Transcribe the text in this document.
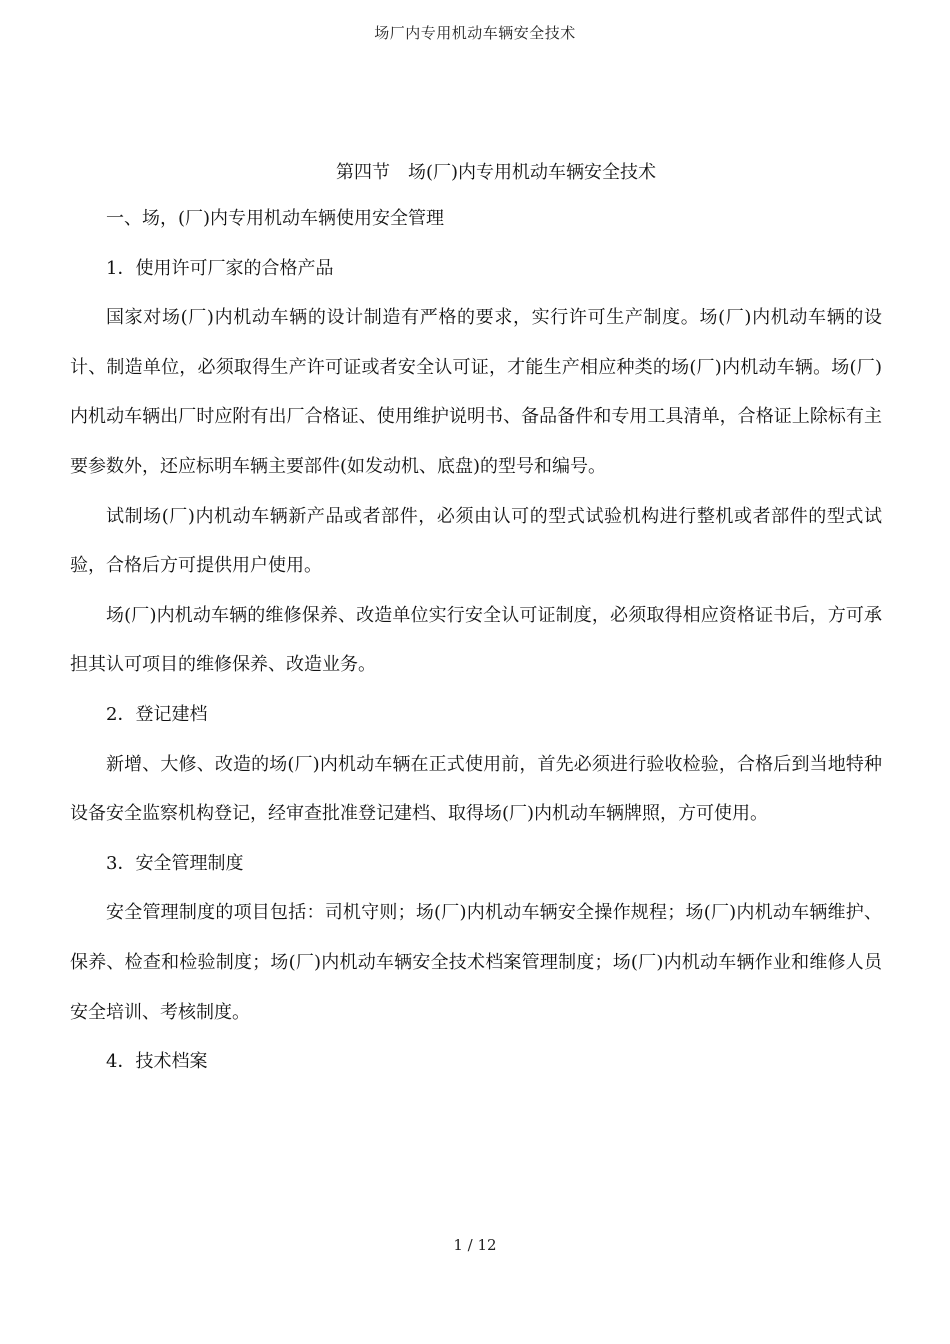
场厂内专用机动车辆安全技术

第四节　场(厂)内专用机动车辆安全技术

一、场，(厂)内专用机动车辆使用安全管理

1．使用许可厂家的合格产品

国家对场(厂)内机动车辆的设计制造有严格的要求，实行许可生产制度。场(厂)内机动车辆的设计、制造单位，必须取得生产许可证或者安全认可证，才能生产相应种类的场(厂)内机动车辆。场(厂)内机动车辆出厂时应附有出厂合格证、使用维护说明书、备品备件和专用工具清单，合格证上除标有主要参数外，还应标明车辆主要部件(如发动机、底盘)的型号和编号。

试制场(厂)内机动车辆新产品或者部件，必须由认可的型式试验机构进行整机或者部件的型式试验，合格后方可提供用户使用。

场(厂)内机动车辆的维修保养、改造单位实行安全认可证制度，必须取得相应资格证书后，方可承担其认可项目的维修保养、改造业务。

2．登记建档

新增、大修、改造的场(厂)内机动车辆在正式使用前，首先必须进行验收检验，合格后到当地特种设备安全监察机构登记，经审查批准登记建档、取得场(厂)内机动车辆牌照，方可使用。

3．安全管理制度

安全管理制度的项目包括：司机守则；场(厂)内机动车辆安全操作规程；场(厂)内机动车辆维护、保养、检查和检验制度；场(厂)内机动车辆安全技术档案管理制度；场(厂)内机动车辆作业和维修人员安全培训、考核制度。

4．技术档案

1 / 12
